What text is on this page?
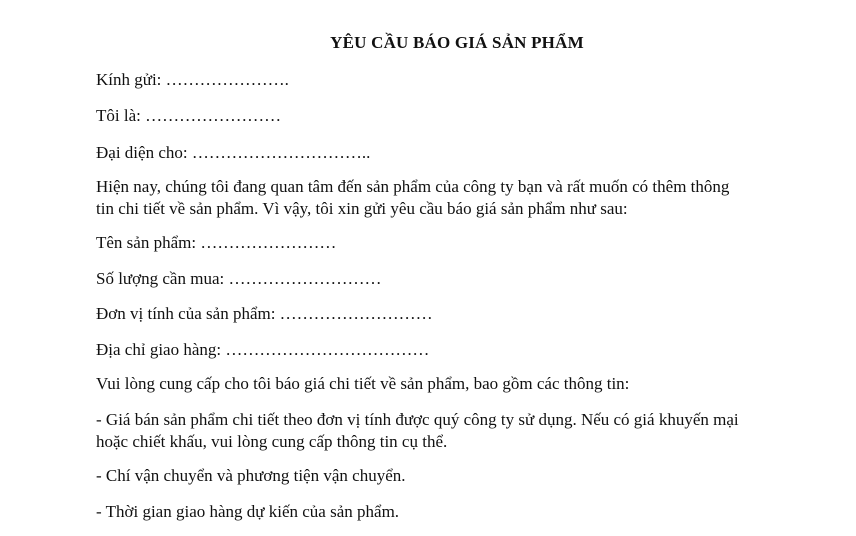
YÊU CẦU BÁO GIÁ SẢN PHẨM
Kính gửi: ………………….
Tôi là: ……………………
Đại diện cho: …………………………..
Hiện nay, chúng tôi đang quan tâm đến sản phẩm của công ty bạn và rất muốn có thêm thông
tin chi tiết về sản phẩm. Vì vậy, tôi xin gửi yêu cầu báo giá sản phẩm như sau:
Tên sản phẩm: ……………………
Số lượng cần mua: ………………………
Đơn vị tính của sản phẩm: ………………………
Địa chỉ giao hàng: ………………………………
Vui lòng cung cấp cho tôi báo giá chi tiết về sản phẩm, bao gồm các thông tin:
- Giá bán sản phẩm chi tiết theo đơn vị tính được quý công ty sử dụng. Nếu có giá khuyến mại
hoặc chiết khấu, vui lòng cung cấp thông tin cụ thể.
- Chí vận chuyển và phương tiện vận chuyển.
- Thời gian giao hàng dự kiến của sản phẩm.
